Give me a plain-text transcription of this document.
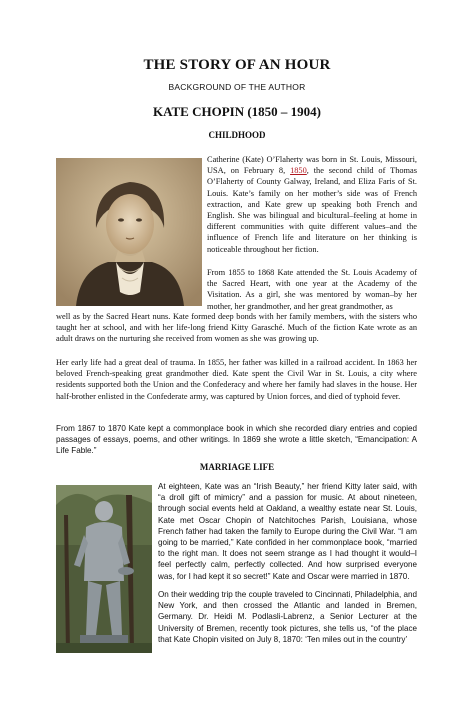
THE STORY OF AN HOUR
BACKGROUND OF THE AUTHOR
KATE CHOPIN (1850 – 1904)
CHILDHOOD

Catherine (Kate) O’Flaherty was born in St. Louis, Missouri, USA, on February 8, 1850, the second child of Thomas O’Flaherty of County Galway, Ireland, and Eliza Faris of St. Louis. Kate’s family on her mother’s side was of French extraction, and Kate grew up speaking both French and English. She was bilingual and bicultural–feeling at home in different communities with quite different values–and the influence of French life and literature on her thinking is noticeable throughout her fiction.

From 1855 to 1868 Kate attended the St. Louis Academy of the Sacred Heart, with one year at the Academy of the Visitation. As a girl, she was mentored by woman–by her mother, her grandmother, and her great grandmother, as

well as by the Sacred Heart nuns. Kate formed deep bonds with her family members, with the sisters who taught her at school, and with her life-long friend Kitty Garasché. Much of the fiction Kate wrote as an adult draws on the nurturing she received from women as she was growing up.

Her early life had a great deal of trauma. In 1855, her father was killed in a railroad accident. In 1863 her beloved French-speaking great grandmother died. Kate spent the Civil War in St. Louis, a city where residents supported both the Union and the Confederacy and where her family had slaves in the house. Her half-brother enlisted in the Confederate army, was captured by Union forces, and died of typhoid fever.

From 1867 to 1870 Kate kept a commonplace book in which she recorded diary entries and copied passages of essays, poems, and other writings. In 1869 she wrote a little sketch, “Emancipation: A Life Fable.”

MARRIAGE LIFE

At eighteen, Kate was an “Irish Beauty,” her friend Kitty later said, with “a droll gift of mimicry” and a passion for music. At about nineteen, through social events held at Oakland, a wealthy estate near St. Louis, Kate met Oscar Chopin of Natchitoches Parish, Louisiana, whose French father had taken the family to Europe during the Civil War. “I am going to be married,” Kate confided in her commonplace book, “married to the right man. It does not seem strange as I had thought it would–I feel perfectly calm, perfectly collected. And how surprised everyone was, for I had kept it so secret!” Kate and Oscar were married in 1870.

On their wedding trip the couple traveled to Cincinnati, Philadelphia, and New York, and then crossed the Atlantic and landed in Bremen, Germany. Dr. Heidi M. Podlasli-Labrenz, a Senior Lecturer at the University of Bremen, recently took pictures, she tells us, “of the place that Kate Chopin visited on July 8, 1870: ‘Ten miles out in the country’
